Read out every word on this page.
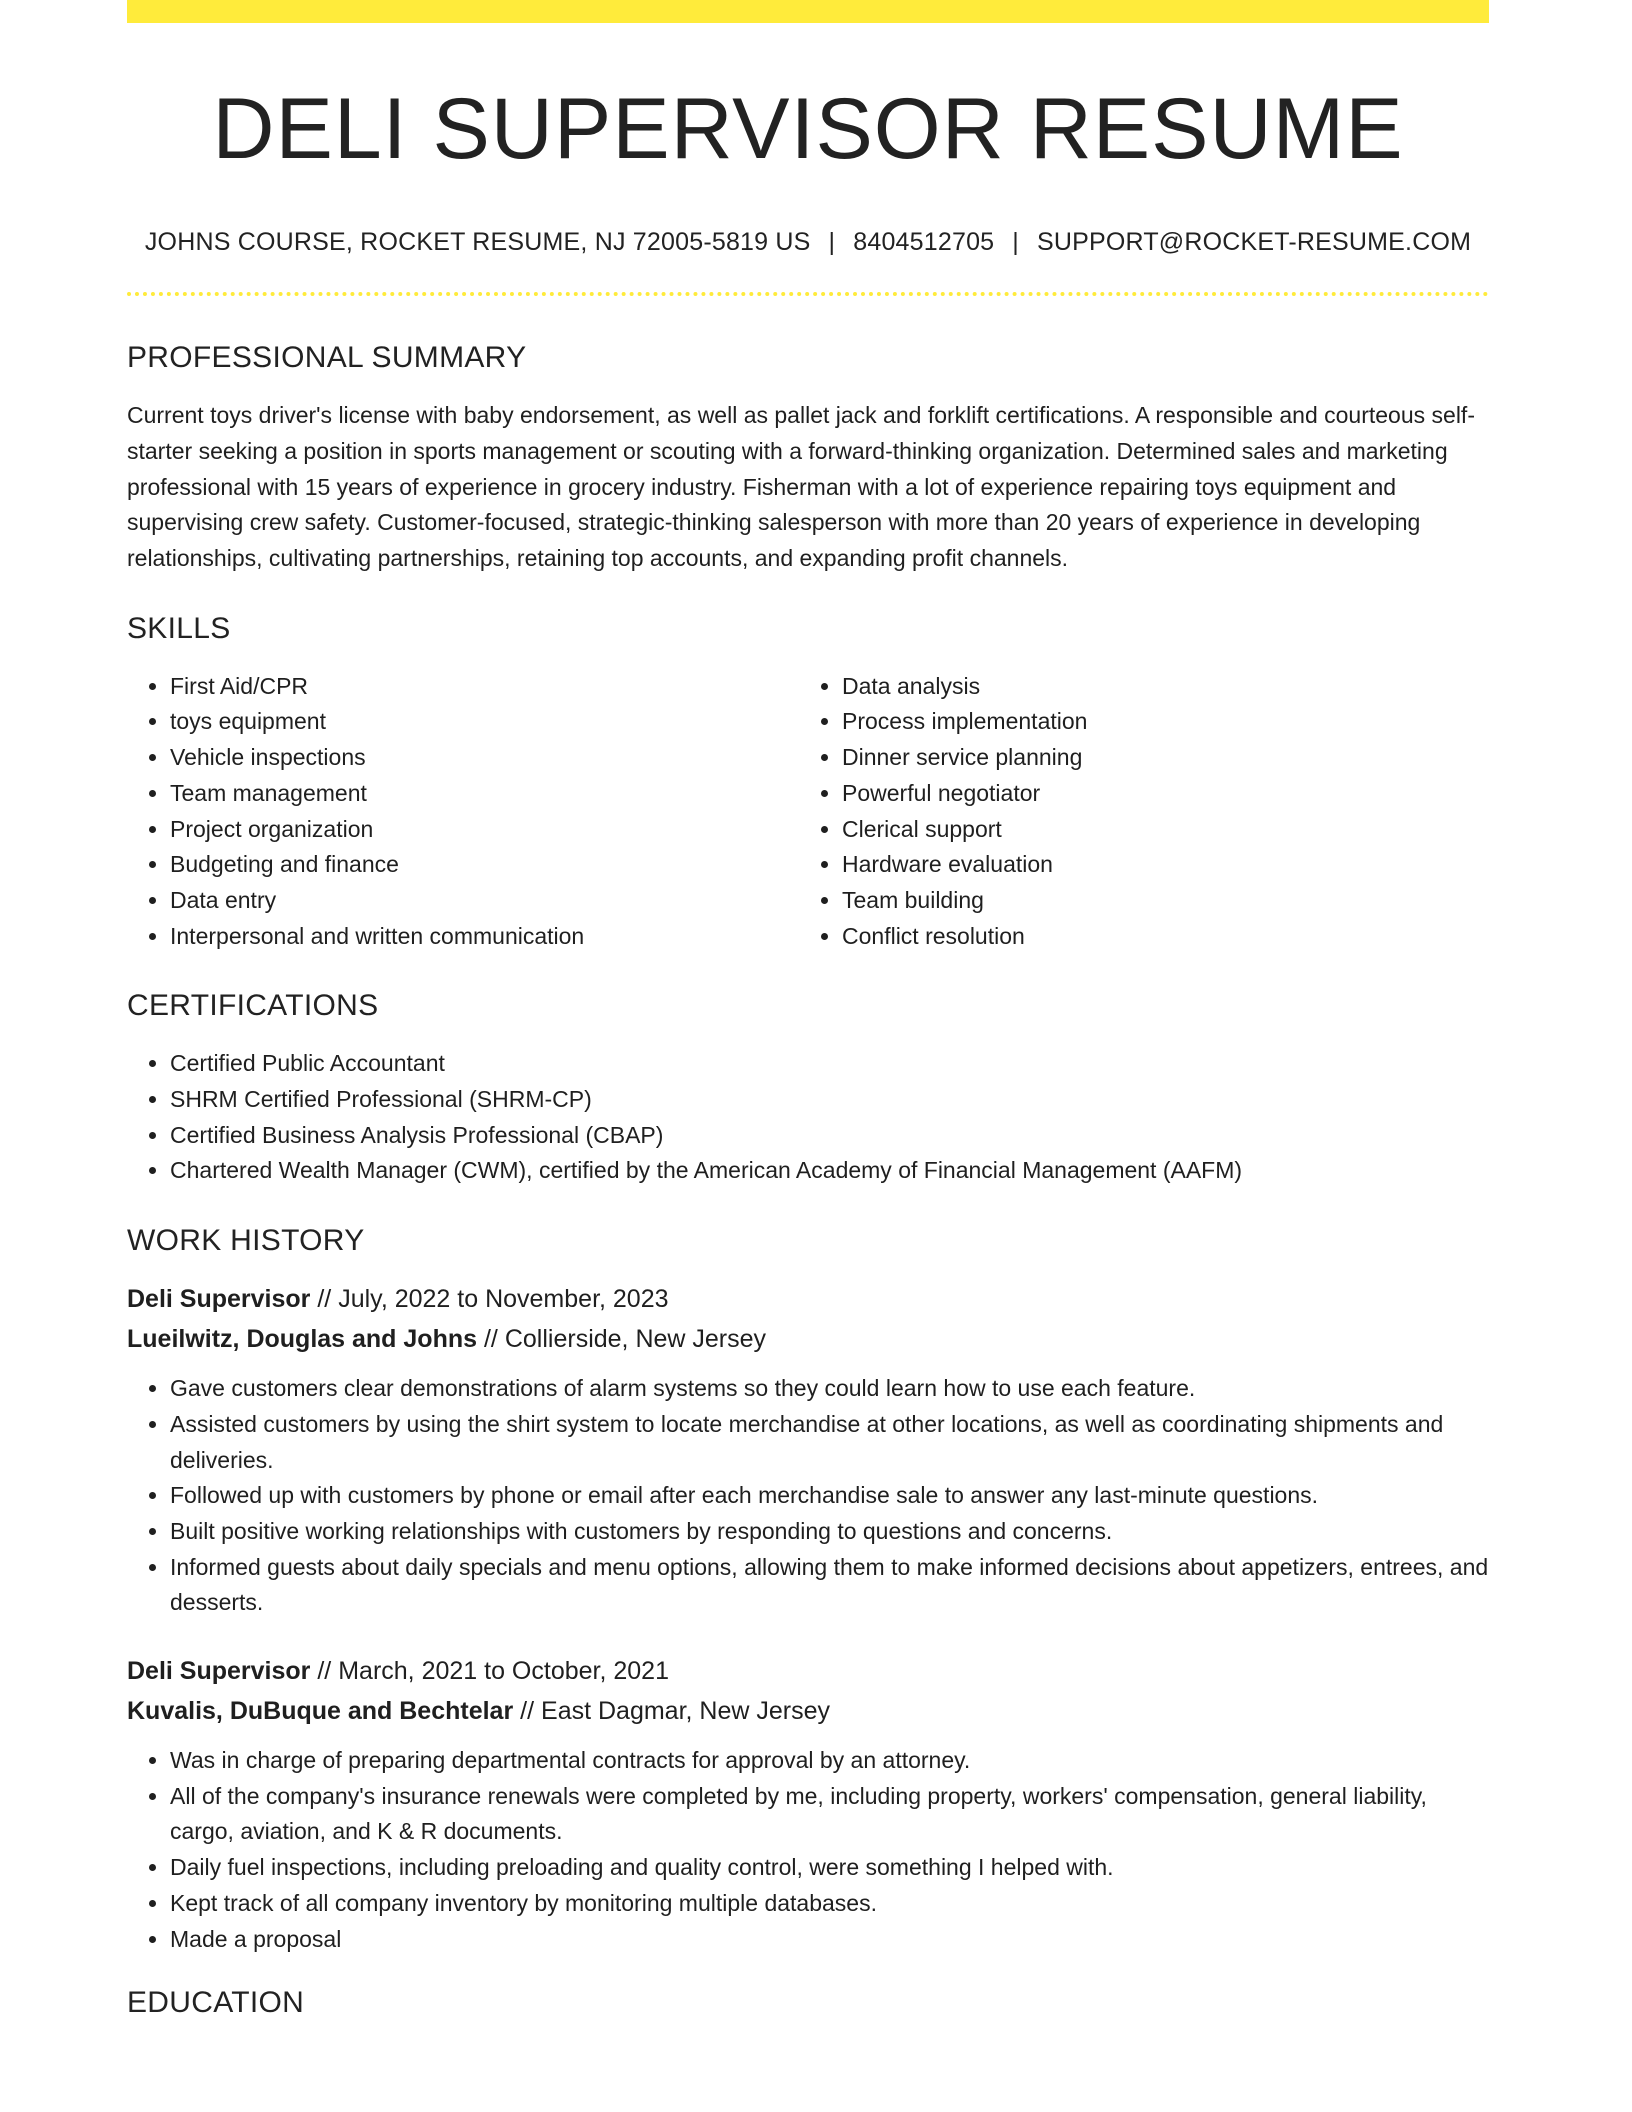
DELI SUPERVISOR RESUME
JOHNS COURSE, ROCKET RESUME, NJ 72005-5819 US | 8404512705 | SUPPORT@ROCKET-RESUME.COM
PROFESSIONAL SUMMARY
Current toys driver's license with baby endorsement, as well as pallet jack and forklift certifications. A responsible and courteous self-starter seeking a position in sports management or scouting with a forward-thinking organization. Determined sales and marketing professional with 15 years of experience in grocery industry. Fisherman with a lot of experience repairing toys equipment and supervising crew safety. Customer-focused, strategic-thinking salesperson with more than 20 years of experience in developing relationships, cultivating partnerships, retaining top accounts, and expanding profit channels.
SKILLS
• First Aid/CPR
• toys equipment
• Vehicle inspections
• Team management
• Project organization
• Budgeting and finance
• Data entry
• Interpersonal and written communication
• Data analysis
• Process implementation
• Dinner service planning
• Powerful negotiator
• Clerical support
• Hardware evaluation
• Team building
• Conflict resolution
CERTIFICATIONS
• Certified Public Accountant
• SHRM Certified Professional (SHRM-CP)
• Certified Business Analysis Professional (CBAP)
• Chartered Wealth Manager (CWM), certified by the American Academy of Financial Management (AAFM)
WORK HISTORY
Deli Supervisor // July, 2022 to November, 2023
Lueilwitz, Douglas and Johns // Collierside, New Jersey
• Gave customers clear demonstrations of alarm systems so they could learn how to use each feature.
• Assisted customers by using the shirt system to locate merchandise at other locations, as well as coordinating shipments and deliveries.
• Followed up with customers by phone or email after each merchandise sale to answer any last-minute questions.
• Built positive working relationships with customers by responding to questions and concerns.
• Informed guests about daily specials and menu options, allowing them to make informed decisions about appetizers, entrees, and desserts.
Deli Supervisor // March, 2021 to October, 2021
Kuvalis, DuBuque and Bechtelar // East Dagmar, New Jersey
• Was in charge of preparing departmental contracts for approval by an attorney.
• All of the company's insurance renewals were completed by me, including property, workers' compensation, general liability, cargo, aviation, and K & R documents.
• Daily fuel inspections, including preloading and quality control, were something I helped with.
• Kept track of all company inventory by monitoring multiple databases.
• Made a proposal
EDUCATION
